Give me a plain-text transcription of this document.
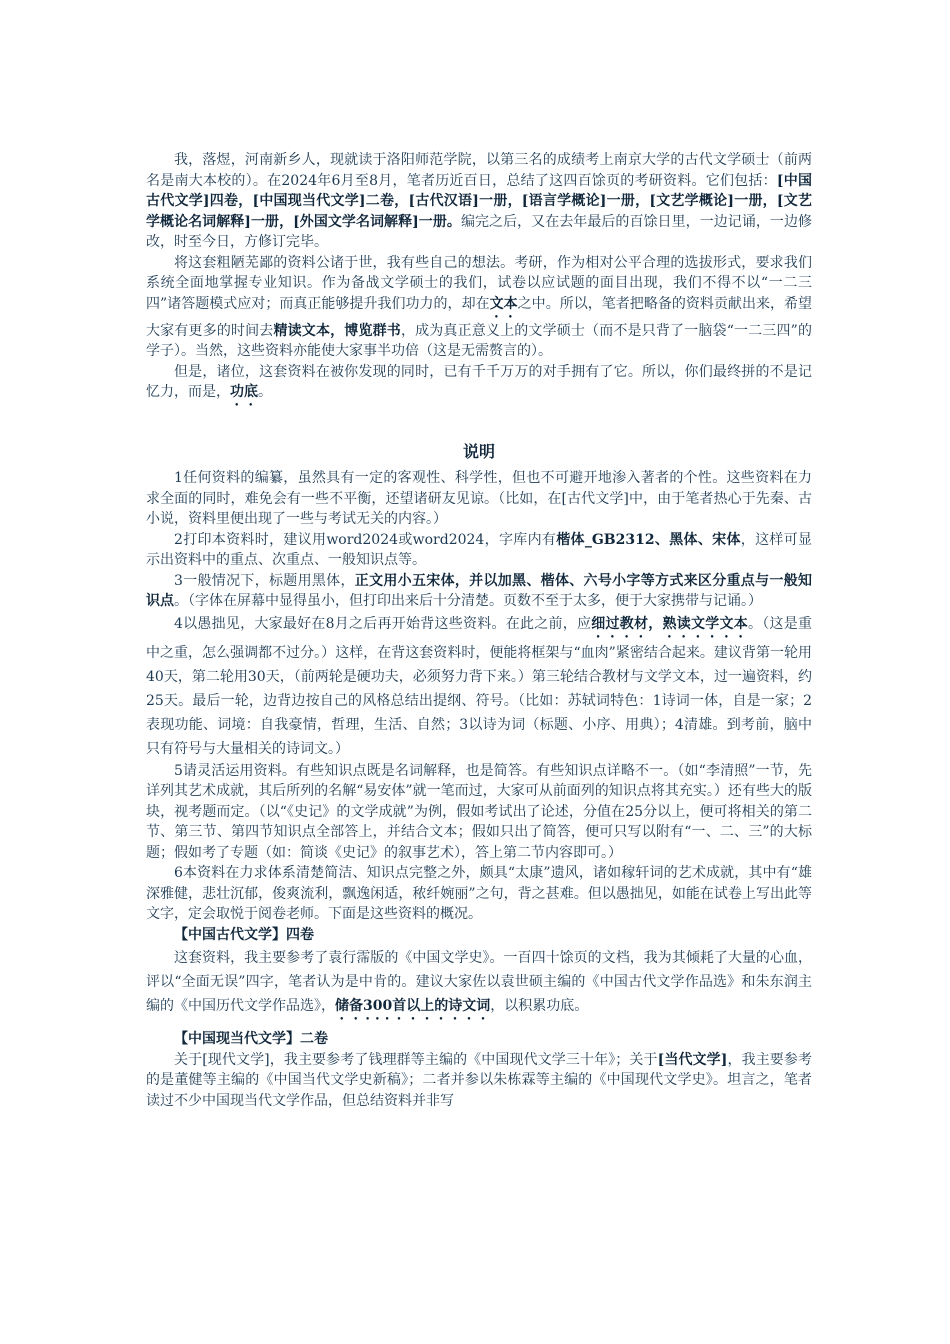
我，落煜，河南新乡人，现就读于洛阳师范学院，以第三名的成绩考上南京大学的古代文学硕士（前两名是南大本校的）。在2024年6月至8月，笔者历近百日，总结了这四百馀页的考研资料。它们包括：[中国古代文学]四卷，[中国现当代文学]二卷，[古代汉语]一册，[语言学概论]一册，[文艺学概论]一册，[文艺学概论名词解释]一册，[外国文学名词解释]一册。编完之后，又在去年最后的百馀日里，一边记诵，一边修改，时至今日，方修订完毕。

将这套粗陋芜鄙的资料公诸于世，我有些自己的想法。考研，作为相对公平合理的选拔形式，要求我们系统全面地掌握专业知识。作为备战文学硕士的我们，试卷以应试题的面目出现，我们不得不以“一二三四”诸答题模式应对；而真正能够提升我们功力的，却在文本之中。所以，笔者把略备的资料贡献出来，希望大家有更多的时间去精读文本，博览群书，成为真正意义上的文学硕士（而不是只背了一脑袋“一二三四”的学子）。当然，这些资料亦能使大家事半功倍（这是无需赘言的）。

但是，诸位，这套资料在被你发现的同时，已有千千万万的对手拥有了它。所以，你们最终拼的不是记忆力，而是，功底。

说明

1任何资料的编纂，虽然具有一定的客观性、科学性，但也不可避开地渗入著者的个性。这些资料在力求全面的同时，难免会有一些不平衡，还望诸研友见谅。（比如，在[古代文学]中，由于笔者热心于先秦、古小说，资料里便出现了一些与考试无关的内容。）

2打印本资料时，建议用word2024或word2024，字库内有楷体_GB2312、黑体、宋体，这样可显示出资料中的重点、次重点、一般知识点等。

3一般情况下，标题用黑体，正文用小五宋体，并以加黑、楷体、六号小字等方式来区分重点与一般知识点。（字体在屏幕中显得虽小，但打印出来后十分清楚。页数不至于太多，便于大家携带与记诵。）

4以愚拙见，大家最好在8月之后再开始背这些资料。在此之前，应细过教材，熟读文学文本。（这是重中之重，怎么强调都不过分。）这样，在背这套资料时，便能将框架与“血肉”紧密结合起来。建议背第一轮用40天，第二轮用30天，（前两轮是硬功夫，必须努力背下来。）第三轮结合教材与文学文本，过一遍资料，约25天。最后一轮，边背边按自己的风格总结出提纲、符号。（比如：苏轼词特色：1诗词一体，自是一家；2表现功能、词境：自我豪情，哲理，生活、自然；3以诗为词（标题、小序、用典）；4清雄。到考前，脑中只有符号与大量相关的诗词文。）

5请灵活运用资料。有些知识点既是名词解释，也是简答。有些知识点详略不一。（如“李清照”一节，先详列其艺术成就，其后所列的名解“易安体”就一笔而过，大家可从前面列的知识点将其充实。）还有些大的版块，视考题而定。（以“《史记》的文学成就”为例，假如考试出了论述，分值在25分以上，便可将相关的第二节、第三节、第四节知识点全部答上，并结合文本；假如只出了简答，便可只写以附有“一、二、三”的大标题；假如考了专题（如：简谈《史记》的叙事艺术），答上第二节内容即可。）

6本资料在力求体系清楚简洁、知识点完整之外，颇具“太康”遗风，诸如稼轩词的艺术成就，其中有“雄深雅健，悲壮沉郁，俊爽流利，飘逸闲适，秾纤婉丽”之句，背之甚难。但以愚拙见，如能在试卷上写出此等文字，定会取悦于阅卷老师。下面是这些资料的概况。

【中国古代文学】四卷

这套资料，我主要参考了袁行霈版的《中国文学史》。一百四十馀页的文档，我为其倾耗了大量的心血，评以“全面无误”四字，笔者认为是中肯的。建议大家佐以袁世硕主编的《中国古代文学作品选》和朱东润主编的《中国历代文学作品选》，储备300首以上的诗文词，以积累功底。

【中国现当代文学】二卷

关于[现代文学]，我主要参考了钱理群等主编的《中国现代文学三十年》；关于[当代文学]，我主要参考的是董健等主编的《中国当代文学史新稿》；二者并参以朱栋霖等主编的《中国现代文学史》。坦言之，笔者读过不少中国现当代文学作品，但总结资料并非写
